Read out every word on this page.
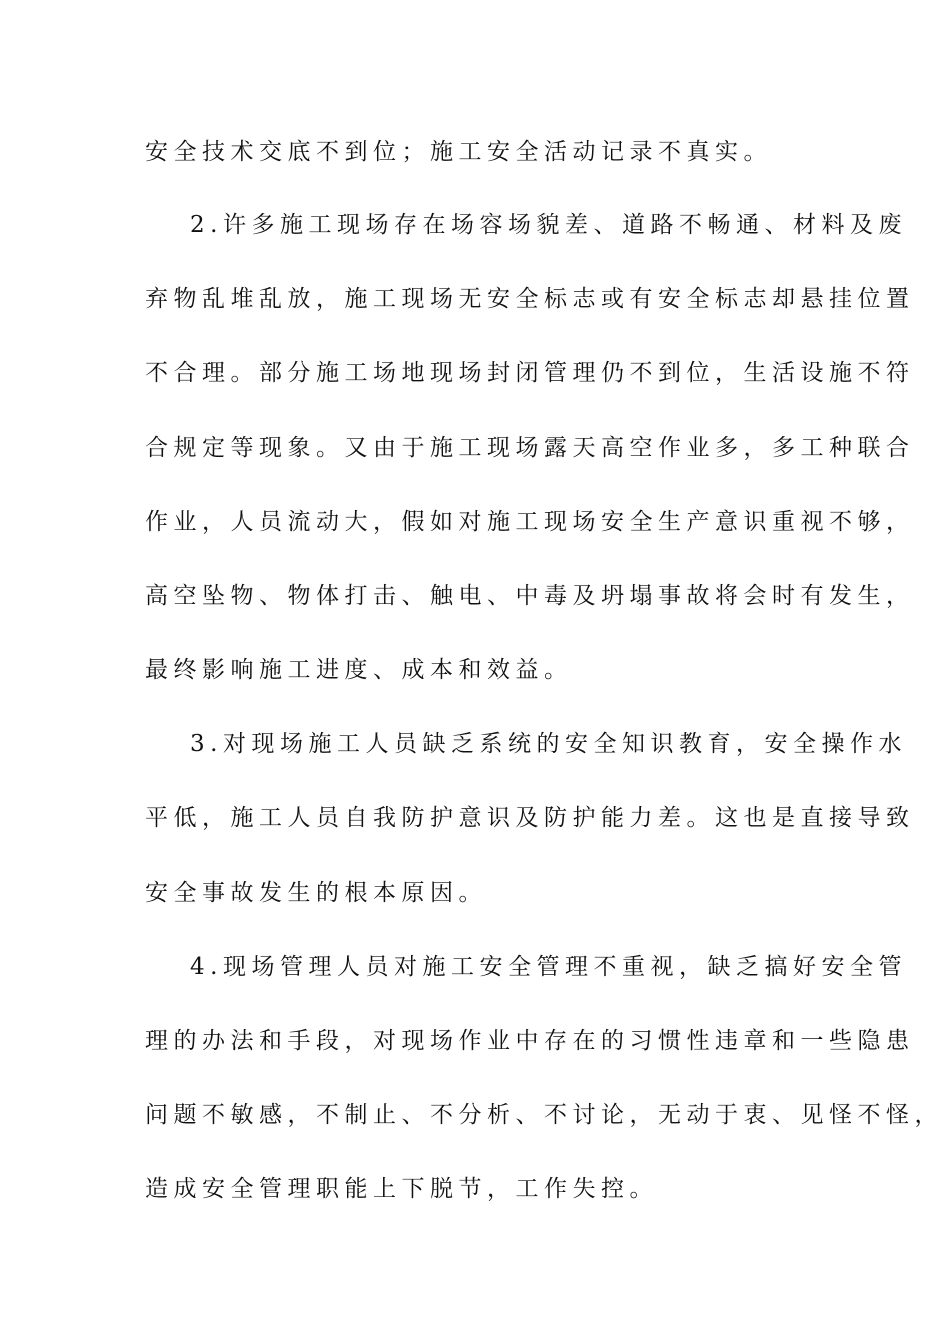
安全技术交底不到位；施工安全活动记录不真实。
2.许多施工现场存在场容场貌差、道路不畅通、材料及废
弃物乱堆乱放，施工现场无安全标志或有安全标志却悬挂位置
不合理。部分施工场地现场封闭管理仍不到位，生活设施不符
合规定等现象。又由于施工现场露天高空作业多，多工种联合
作业，人员流动大，假如对施工现场安全生产意识重视不够，
高空坠物、物体打击、触电、中毒及坍塌事故将会时有发生，
最终影响施工进度、成本和效益。
3.对现场施工人员缺乏系统的安全知识教育，安全操作水
平低，施工人员自我防护意识及防护能力差。这也是直接导致
安全事故发生的根本原因。
4.现场管理人员对施工安全管理不重视，缺乏搞好安全管
理的办法和手段，对现场作业中存在的习惯性违章和一些隐患
问题不敏感，不制止、不分析、不讨论，无动于衷、见怪不怪，
造成安全管理职能上下脱节，工作失控。
